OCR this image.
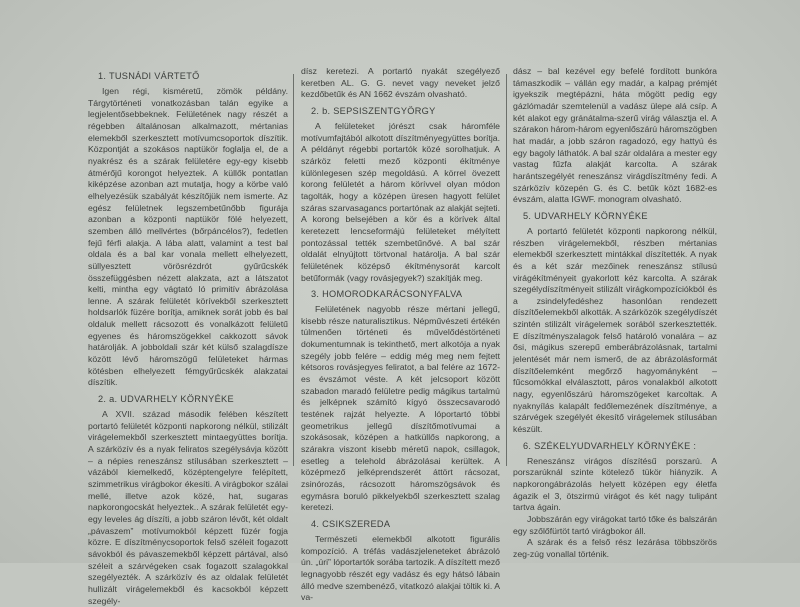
1. TUSNÁDI VÁRTETŐ

Igen régi, kisméretű, zömök példány. Tárgytörténeti vonatkozásban talán egyike a legjelentősebbeknek. Felületének nagy részét a régebben általánosan alkalmazott, mértanias elemekből szerkesztett motívumcsoportok díszítik. Központját a szokásos naptükör foglalja el, de a nyakrész és a szárak felületére egy-egy kisebb átmérőjű korongot helyeztek. A küllők pontatlan kiképzése azonban azt mutatja, hogy a körbe való elhelyezésük szabályát készítőjük nem ismerte. Az egész felületnek legszembetűnőbb figurája azonban a központi naptükör fölé helyezett, szemben álló mellvértes (bőrpáncélos?), fedetlen fejű férfi alakja. A lába alatt, valamint a test bal oldala és a bal kar vonala mellett elhelyezett, süllyesztett vörösrézdrót gyűrűcskék összefüggésben nézett alakzata, azt a látszatot kelti, mintha egy vágtató ló primitív ábrázolása lenne. A szárak felületét körívekből szerkesztett holdsarlók füzére borítja, amiknek sorát jobb és bal oldaluk mellett rácsozott és vonalkázott felületű egyenes és háromszögekkel cakkozott sávok határolják. A jobboldali szár két külső szalagdísze között lévő háromszögű felületeket hármas kötésben elhelyezett fémgyűrűcskék alakzatai díszítik.

2. a. UDVARHELY KÖRNYÉKE

A XVII. század második felében készített portartó felületét központi napkorong nélkül, stilizált virágelemekből szerkesztett mintaegyüttes borítja. A szárközív és a nyak feliratos szegélysávja között – a népies reneszánsz stílusában szerkesztett – vázából kiemelkedő, középtengelyre felépített, szimmetrikus virágbokor ékesíti. A virágbokor szálai mellé, illetve azok közé, hat, sugaras napkorongocskát helyeztek.. A szárak felületét egy-egy leveles ág díszíti, a jobb száron lévőt, két oldalt „pávaszem” motívumokból képzett füzér fogja közre. E díszítménycsoportok felső széleit fogazott sávokból és pávaszemekből képzett pártával, alsó széleit a szárvégeken csak fogazott szalagokkal szegélyezték. A szárközív és az oldalak felületét hullizált virágelemekből és kacsokból képzett szegély-

dísz keretezi. A portartó nyakát szegélyező keretben AL. G. G. nevet vagy neveket jelző kezdőbetűk és AN 1662 évszám olvasható.

2. b. SEPSISZENTGYÖRGY

A felületeket jórészt csak háromféle motívumfajtából alkotott díszítményegyüttes borítja. A példányt régebbi portartók közé sorolhatjuk. A szárköz feletti mező központi ékítménye különlegesen szép megoldású. A körrel övezett korong felületét a három körívvel olyan módon tagolták, hogy a középen üresen hagyott felület száras szarvasagancs portartónak az alakját sejteti. A korong belsejében a kör és a körívek által keretezett lencseformájú felületeket mélyített pontozással tették szembetűnővé. A bal szár oldalát elnyújtott törtvonal határolja. A bal szár felületének középső ékítménysorát karcolt betűformák (vagy rovásjegyek?) szakítják meg.

3. HOMORODKARÁCSONYFALVA

Felületének nagyobb része mértani jellegű, kisebb része naturalisztikus. Népművészeti értékén túlmenően történeti és művelődéstörténeti dokumentumnak is tekinthető, mert alkotója a nyak szegély jobb felére – eddig még meg nem fejtett kétsoros rovásjegyes feliratot, a bal felére az 1672-es évszámot véste. A két jelcsoport között szabadon maradó felületre pedig mágikus tartalmú és jelképnek számító kígyó összecsavarodó testének rajzát helyezte. A lóportartó többi geometrikus jellegű díszítőmotívumai a szokásosak, középen a hatküllős napkorong, a szárakra viszont kisebb méretű napok, csillagok, esetleg a telehold ábrázolásai kerültek. A középmező jelképrendszerét áttört rácsozat, zsinórozás, rácsozott háromszögsávok és egymásra boruló pikkelyekből szerkesztett szalag keretezi.

4. CSIKSZEREDA

Természeti elemekből alkotott figurális kompozíció. A tréfás vadászjeleneteket ábrázoló ún. „úri” lóportartók sorába tartozik. A díszített mező legnagyobb részét egy vadász és egy hátsó lábain álló medve szembenéző, vitatkozó alakjai töltik ki. A va-

dász – bal kezével egy befelé fordított bunkóra támaszkodik – vállán egy madár, a kalpag prémjét igyekszik megtépázni, háta mögött pedig egy gázlómadár szemtelenül a vadász ülepe alá csíp. A két alakot egy gránátalma-szerű virág választja el. A szárakon három-három egyenlőszárú háromszögben hat madár, a jobb száron ragadozó, egy hattyú és egy bagoly láthatók. A bal szár oldalára a mester egy vastag fűzfa alakját karcolta. A szárak harántszegélyét reneszánsz virágdíszítmény fedi. A szárközív közepén G. és C. betűk közt 1682-es évszám, alatta IGWF. monogram olvasható.

5. UDVARHELY KÖRNYÉKE

A portartó felületét központi napkorong nélkül, részben virágelemekből, részben mértanias elemekből szerkesztett mintákkal díszítették. A nyak és a két szár mezőinek reneszánsz stílusú virágékítményeit gyakorlott kéz karcolta. A szárak szegélydíszítményeit stilizált virágkompozíciókból és a zsindelyfedéshez hasonlóan rendezett díszítőelemekből alkották. A szárközök szegélydíszét szintén stilizált virágelemek sorából szerkesztették. E díszítményszalagok felső határoló vonalára – az ősi, mágikus szerepű emberábrázolásnak, tartalmi jelentését már nem ismerő, de az ábrázolásformát díszítőelemként megőrző hagyományként – fűcsomókkal elválasztott, páros vonalakból alkotott nagy, egyenlőszárú háromszögeket karcoltak. A nyaknyílás kalapált fedőlemezének díszítménye, a szárvégek szegélyét ékesítő virágelemek stílusában készült.

6. SZÉKELYUDVARHELY KÖRNYÉKE :

Reneszánsz virágos díszítésű porszarú. A porszarúknál szinte kötelező tükör hiányzik. A napkorongábrázolás helyett középen egy életfa ágazik el 3, ötszirmú virágot és két nagy tulipánt tartva ágain.

Jobbszárán egy virágokat tartó tőke és balszárán egy szőlőfürtöt tartó virágbokor áll.

A szárak és a felső rész lezárása többszörös zeg-zúg vonallal történik.
